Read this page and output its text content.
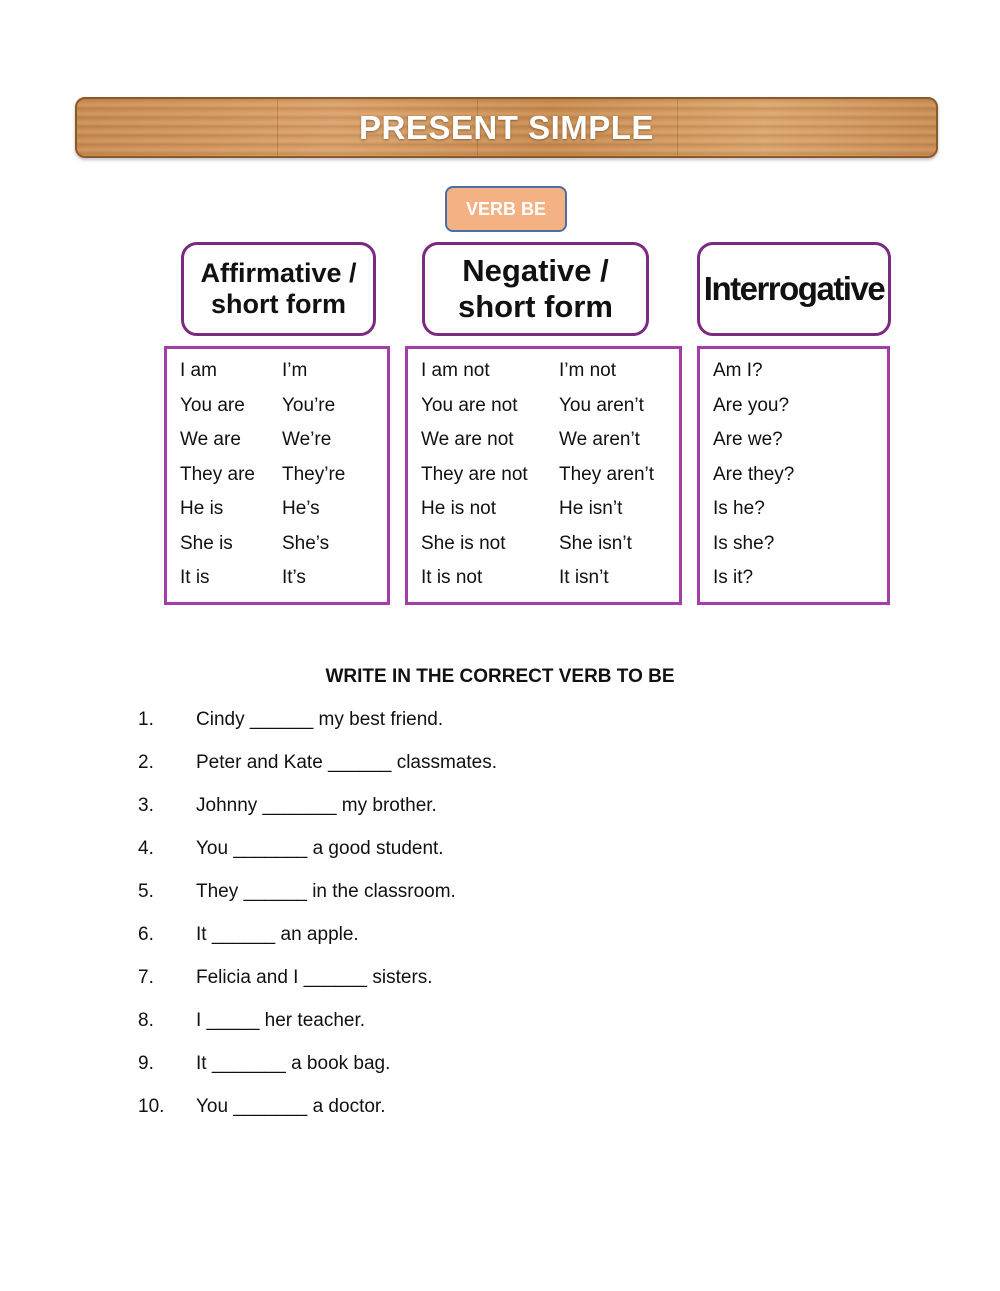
PRESENT SIMPLE
VERB BE
Affirmative /
short form
Negative /
short form	Interrogative
I am
You are
We are
They are
He is
She is
It is
I’m
You’re
We’re
They’re
He’s
She’s
It’s
I am not
You are not
We are not
They are not
He is not
She is not
It is not
I’m not
You aren’t
We aren’t
They aren’t
He isn’t
She isn’t
It isn’t
Am I?
Are you?
Are we?
Are they?
Is he?
Is she?
Is it?
WRITE IN THE CORRECT VERB TO BE
1. Cindy ______ my best friend.
2. Peter and Kate ______ classmates.
3. Johnny _______ my brother.
4. You _______ a good student.
5. They ______ in the classroom.
6. It ______ an apple.
7. Felicia and I ______ sisters.
8. I _____ her teacher.
9. It _______ a book bag.
10. You _______ a doctor.
